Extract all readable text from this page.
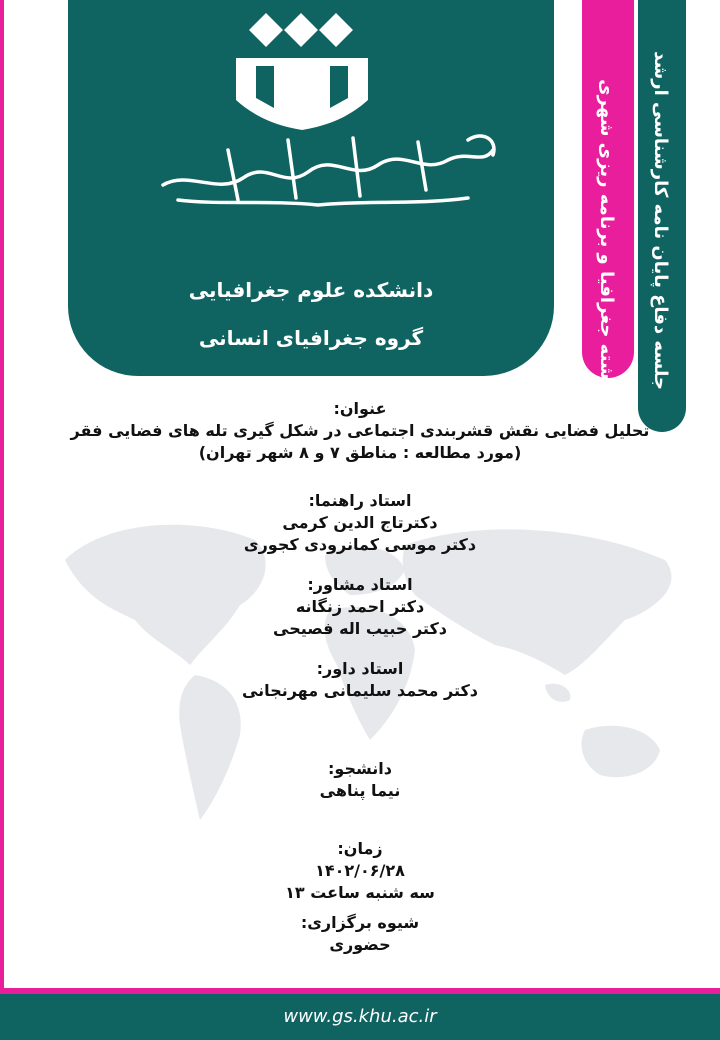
دانشکده علوم جغرافیایی
گروه جغرافیای انسانی	رشته جغرافیا و برنامه ریزی شهری جلسه دفاع پایان نامه کارشناسی ارشد
عنوان:
تحلیل فضایی نقش قشربندی اجتماعی در شکل گیری تله های فضایی فقر
(مورد مطالعه : مناطق ۷ و ۸ شهر تهران)
استاد راهنما:
دکترتاج الدین کرمی
دکتر موسی کمانرودی کجوری
استاد مشاور:
دکتر احمد زنگانه
دکتر حبیب اله فصیحی
استاد داور:
دکتر محمد سلیمانی مهرنجانی
دانشجو:
نیما پناهی
زمان:
۱۴۰۲/۰۶/۲۸
سه شنبه ساعت ۱۳
شیوه برگزاری:
حضوری
www.gs.khu.ac.ir
